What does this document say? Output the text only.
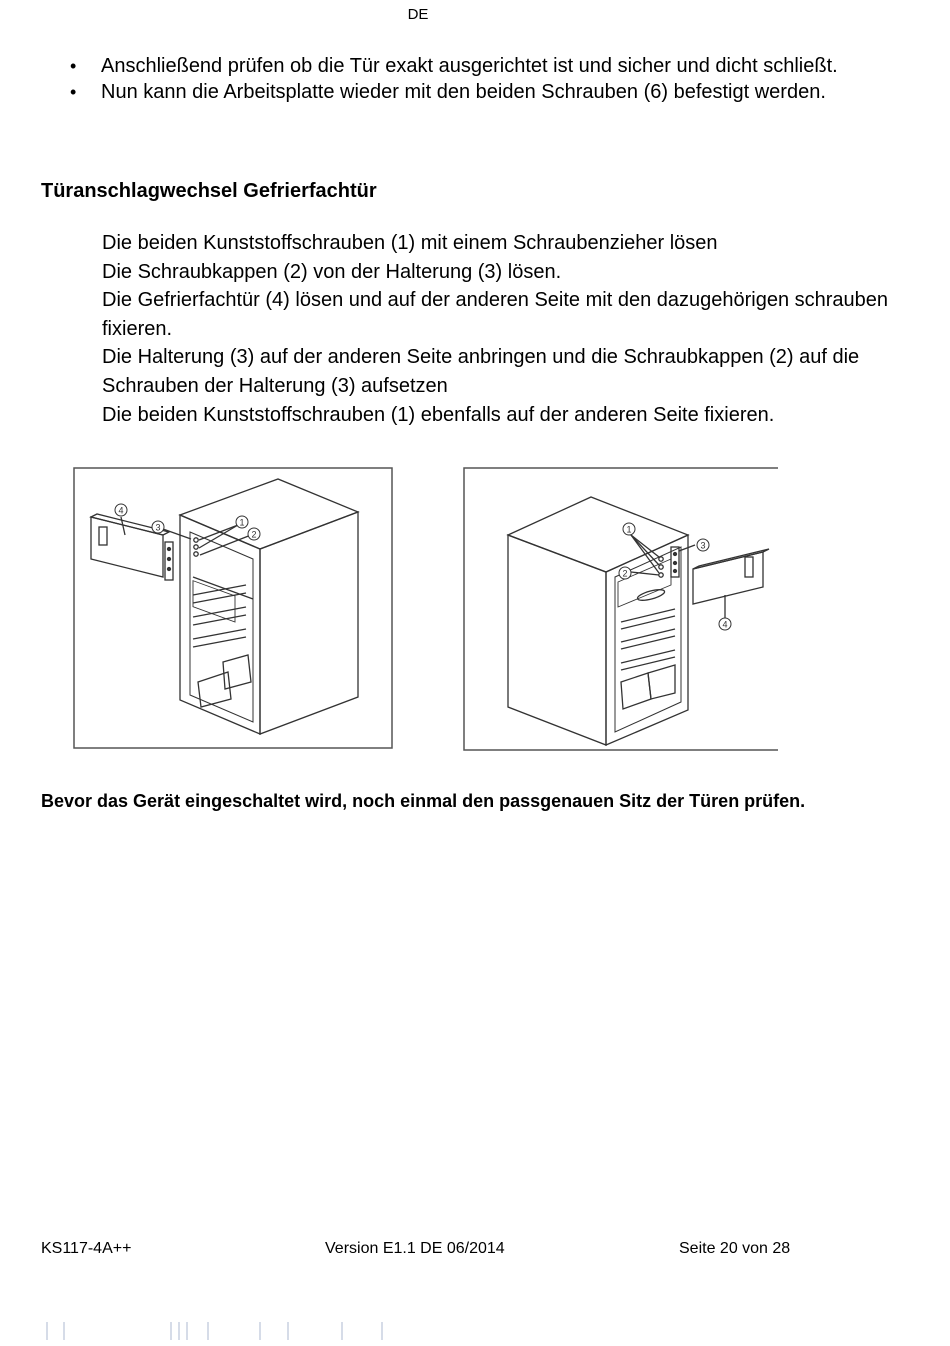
DE
• Anschließend prüfen ob die Tür exakt ausgerichtet ist und sicher und dicht schließt.
• Nun kann die Arbeitsplatte wieder mit den beiden Schrauben (6) befestigt werden.
Türanschlagwechsel Gefrierfachtür
Die beiden Kunststoffschrauben (1) mit einem Schraubenzieher lösen
Die Schraubkappen (2) von der Halterung (3) lösen.
Die Gefrierfachtür (4) lösen und auf der anderen Seite mit den dazugehörigen schrauben fixieren.
Die Halterung (3) auf der anderen Seite anbringen und die Schraubkappen (2) auf die Schrauben der Halterung (3) aufsetzen
Die beiden Kunststoffschrauben (1) ebenfalls auf der anderen Seite fixieren.
4
3	1
2	1
2
3
4
Bevor das Gerät eingeschaltet wird, noch einmal den passgenauen Sitz der Türen prüfen.
KS117-4A++	Version E1.1 DE 06/2014	Seite 20 von 28
